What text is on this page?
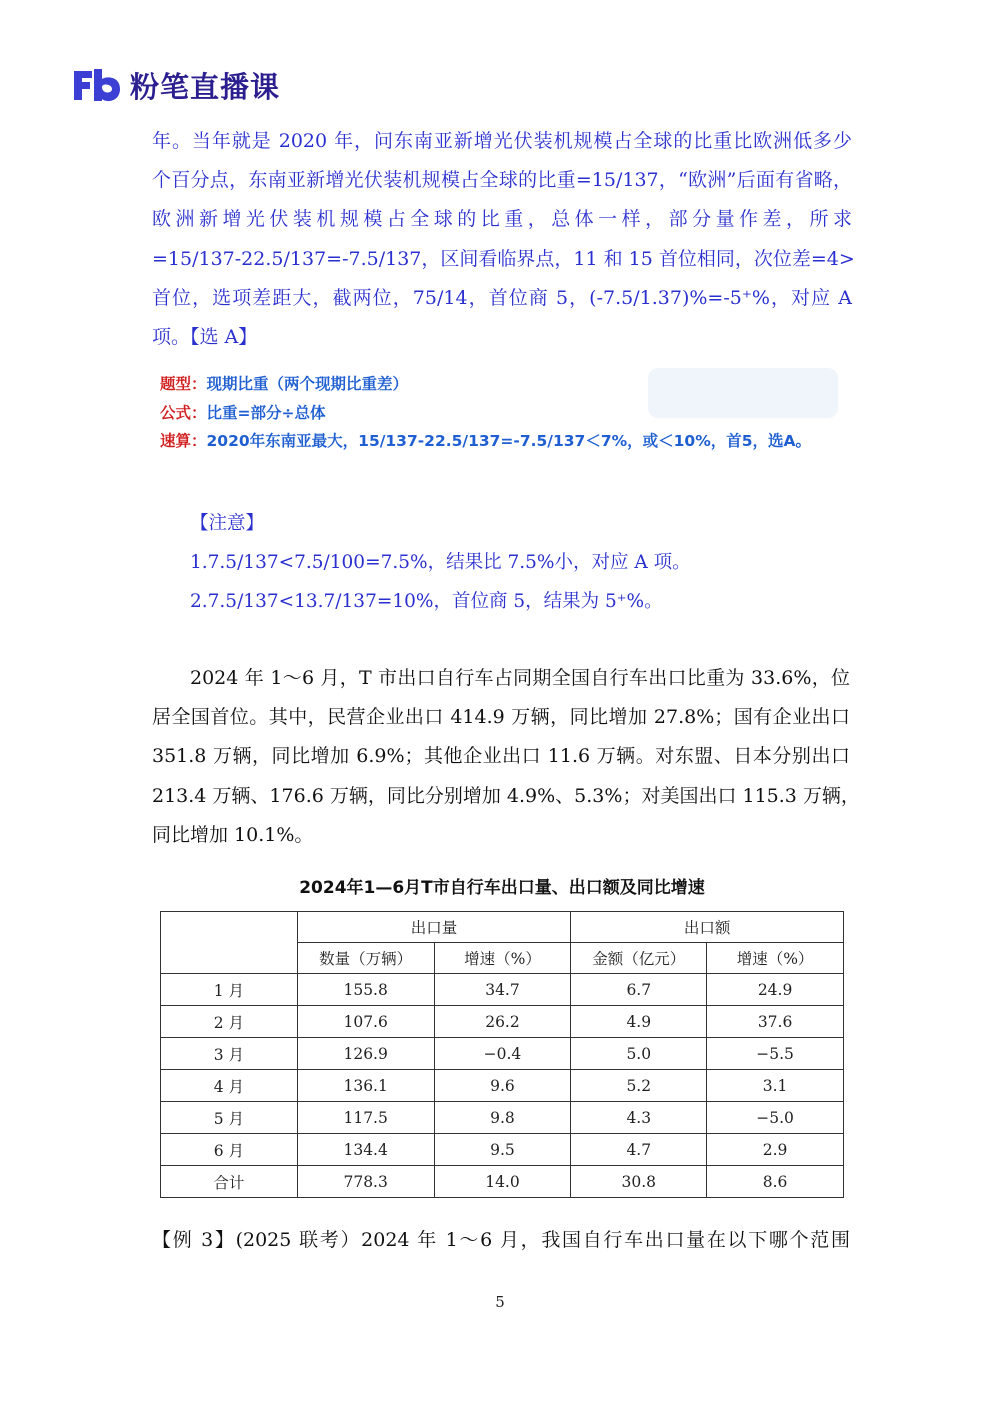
粉笔直播课
年。当年就是 2020 年，问东南亚新增光伏装机规模占全球的比重比欧洲低多少
个百分点，东南亚新增光伏装机规模占全球的比重=15/137，“欧洲”后面有省略，
欧洲新增光伏装机规模占全球的比重，总体一样，部分量作差，所求
=15/137-22.5/137=-7.5/137，区间看临界点，11 和 15 首位相同，次位差=4>
首位，选项差距大，截两位，75/14，首位商 5，(-7.5/1.37)%=-5⁺%，对应 A
项。【选 A】
题型：现期比重（两个现期比重差）
公式：比重=部分÷总体
速算：2020年东南亚最大，15/137-22.5/137=-7.5/137＜7%，或＜10%，首5，选A。
【注意】
1.7.5/137<7.5/100=7.5%，结果比 7.5%小，对应 A 项。
2.7.5/137<13.7/137=10%，首位商 5，结果为 5⁺%。
2024 年 1～6 月，T 市出口自行车占同期全国自行车出口比重为 33.6%，位
居全国首位。其中，民营企业出口 414.9 万辆，同比增加 27.8%；国有企业出口
351.8 万辆，同比增加 6.9%；其他企业出口 11.6 万辆。对东盟、日本分别出口
213.4 万辆、176.6 万辆，同比分别增加 4.9%、5.3%；对美国出口 115.3 万辆，
同比增加 10.1%。
2024年1—6月T市自行车出口量、出口额及同比增速
	出口量		出口额	
	数量（万辆）	增速（%）	金额（亿元）	增速（%）
1 月	155.8	34.7	6.7	24.9
2 月	107.6	26.2	4.9	37.6
3 月	126.9	−0.4	5.0	−5.5
4 月	136.1	9.6	5.2	3.1
5 月	117.5	9.8	4.3	−5.0
6 月	134.4	9.5	4.7	2.9
合计	778.3	14.0	30.8	8.6
【例 3】(2025 联考）2024 年 1～6 月，我国自行车出口量在以下哪个范围
5
